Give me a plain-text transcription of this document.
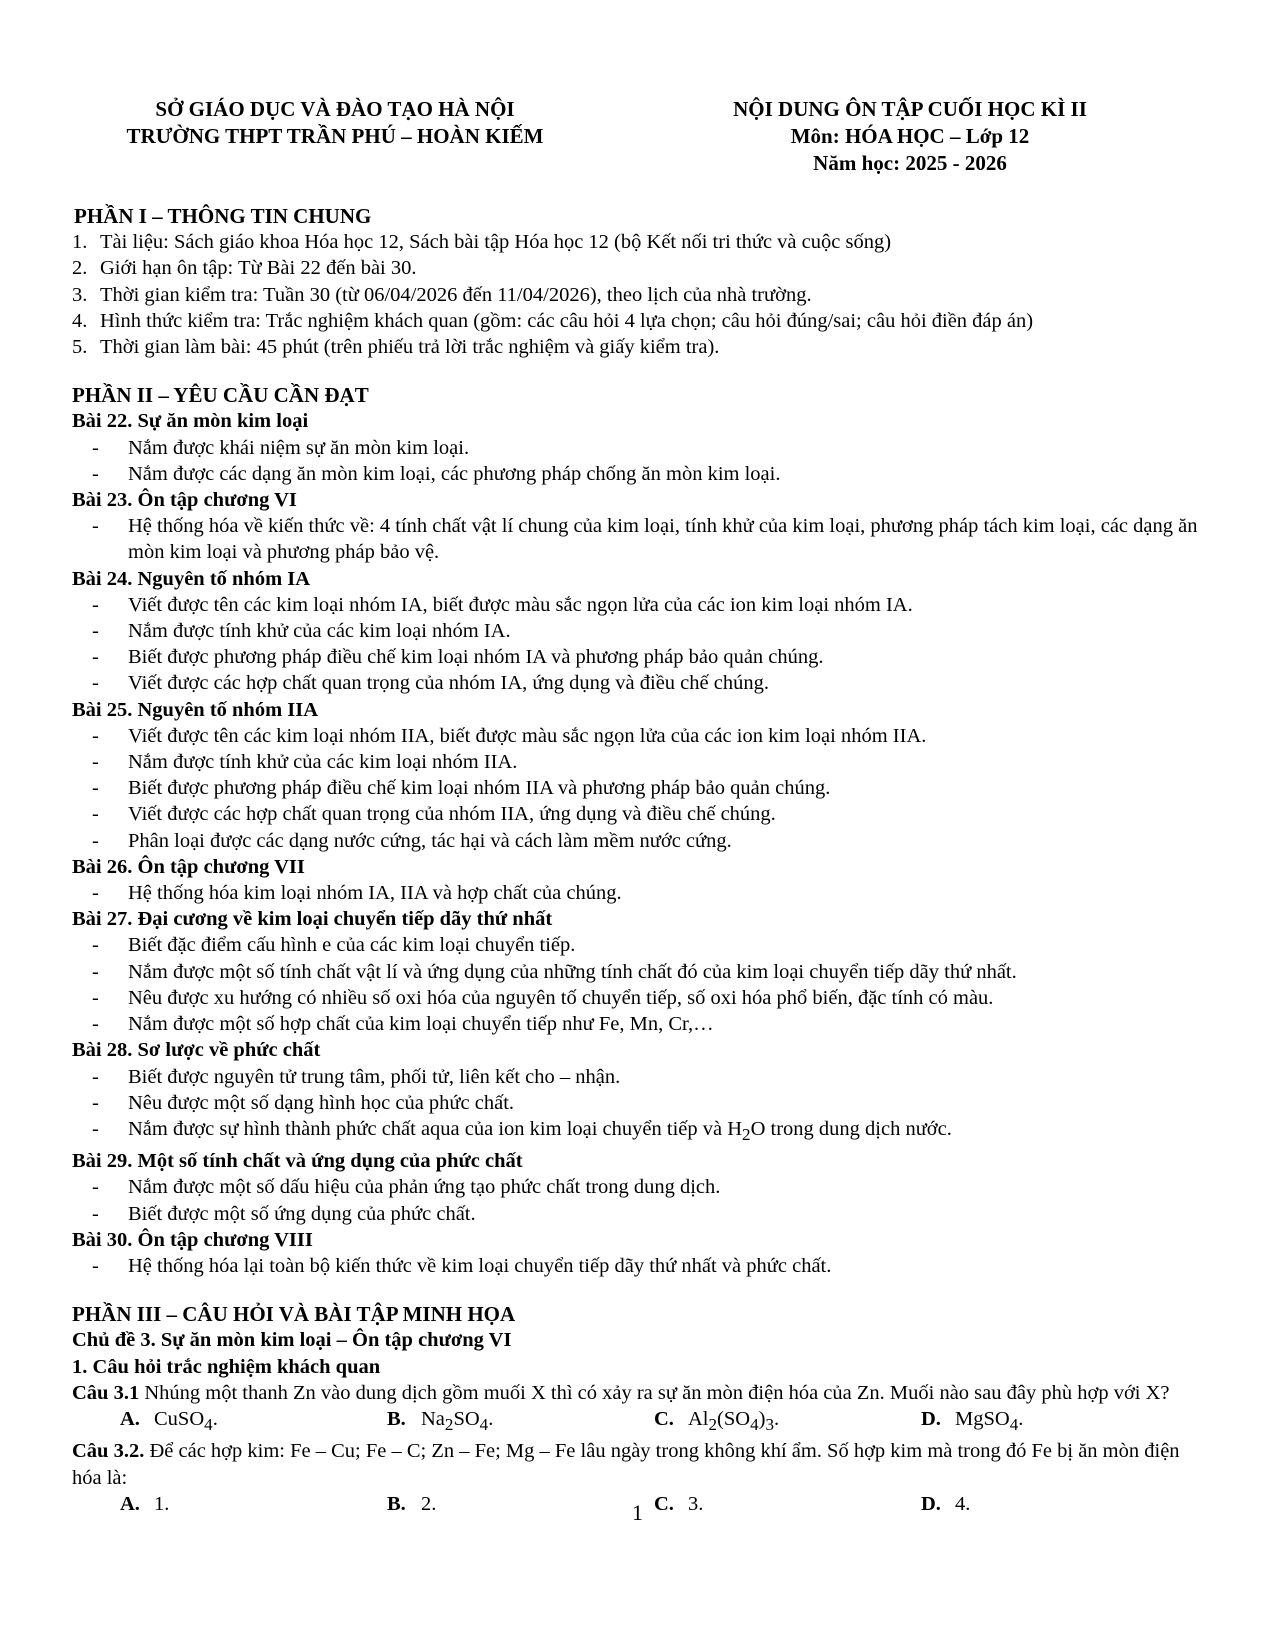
SỞ GIÁO DỤC VÀ ĐÀO TẠO HÀ NỘI
TRƯỜNG THPT TRẦN PHÚ – HOÀN KIẾM
NỘI DUNG ÔN TẬP CUỐI HỌC KÌ II
Môn: HÓA HỌC – Lớp 12
Năm học: 2025 - 2026
PHẦN I – THÔNG TIN CHUNG
1. Tài liệu: Sách giáo khoa Hóa học 12, Sách bài tập Hóa học 12 (bộ Kết nối tri thức và cuộc sống)
2. Giới hạn ôn tập: Từ Bài 22 đến bài 30.
3. Thời gian kiểm tra: Tuần 30 (từ 06/04/2026 đến 11/04/2026), theo lịch của nhà trường.
4. Hình thức kiểm tra: Trắc nghiệm khách quan (gồm: các câu hỏi 4 lựa chọn; câu hỏi đúng/sai; câu hỏi điền đáp án)
5. Thời gian làm bài: 45 phút (trên phiếu trả lời trắc nghiệm và giấy kiểm tra).
PHẦN II – YÊU CẦU CẦN ĐẠT
Bài 22. Sự ăn mòn kim loại
-	Nắm được khái niệm sự ăn mòn kim loại.
-	Nắm được các dạng ăn mòn kim loại, các phương pháp chống ăn mòn kim loại.
Bài 23. Ôn tập chương VI
-	Hệ thống hóa về kiến thức về: 4 tính chất vật lí chung của kim loại, tính khử của kim loại, phương pháp tách kim loại, các dạng ăn mòn kim loại và phương pháp bảo vệ.
Bài 24. Nguyên tố nhóm IA
-	Viết được tên các kim loại nhóm IA, biết được màu sắc ngọn lửa của các ion kim loại nhóm IA.
-	Nắm được tính khử của các kim loại nhóm IA.
-	Biết được phương pháp điều chế kim loại nhóm IA và phương pháp bảo quản chúng.
-	Viết được các hợp chất quan trọng của nhóm IA, ứng dụng và điều chế chúng.
Bài 25. Nguyên tố nhóm IIA
-	Viết được tên các kim loại nhóm IIA, biết được màu sắc ngọn lửa của các ion kim loại nhóm IIA.
-	Nắm được tính khử của các kim loại nhóm IIA.
-	Biết được phương pháp điều chế kim loại nhóm IIA và phương pháp bảo quản chúng.
-	Viết được các hợp chất quan trọng của nhóm IIA, ứng dụng và điều chế chúng.
-	Phân loại được các dạng nước cứng, tác hại và cách làm mềm nước cứng.
Bài 26. Ôn tập chương VII
-	Hệ thống hóa kim loại nhóm IA, IIA và hợp chất của chúng.
Bài 27. Đại cương về kim loại chuyển tiếp dãy thứ nhất
-	Biết đặc điểm cấu hình e của các kim loại chuyển tiếp.
-	Nắm được một số tính chất vật lí và ứng dụng của những tính chất đó của kim loại chuyển tiếp dãy thứ nhất.
-	Nêu được xu hướng có nhiều số oxi hóa của nguyên tố chuyển tiếp, số oxi hóa phổ biến, đặc tính có màu.
-	Nắm được một số hợp chất của kim loại chuyển tiếp như Fe, Mn, Cr,…
Bài 28. Sơ lược về phức chất
-	Biết được nguyên tử trung tâm, phối tử, liên kết cho – nhận.
-	Nêu được một số dạng hình học của phức chất.
-	Nắm được sự hình thành phức chất aqua của ion kim loại chuyển tiếp và $H_2O$ trong dung dịch nước.
Bài 29. Một số tính chất và ứng dụng của phức chất
-	Nắm được một số dấu hiệu của phản ứng tạo phức chất trong dung dịch.
-	Biết được một số ứng dụng của phức chất.
Bài 30. Ôn tập chương VIII
-	Hệ thống hóa lại toàn bộ kiến thức về kim loại chuyển tiếp dãy thứ nhất và phức chất.
PHẦN III – CÂU HỎI VÀ BÀI TẬP MINH HỌA
Chủ đề 3. Sự ăn mòn kim loại – Ôn tập chương VI
1. Câu hỏi trắc nghiệm khách quan
Câu 3.1 Nhúng một thanh Zn vào dung dịch gồm muối X thì có xảy ra sự ăn mòn điện hóa của Zn. Muối nào sau đây phù hợp với X?
A. CuSO$_4$.	B. $Na_2SO_4$.	C. $Al_2(SO_4)_3$.	D. MgSO$_4$.
Câu 3.2. Để các hợp kim: Fe – Cu; Fe – C; Zn – Fe; Mg – Fe lâu ngày trong không khí ẩm. Số hợp kim mà trong đó Fe bị ăn mòn điện hóa là:
A. 1.	B. 2.	C. 3.	D. 4.
1
